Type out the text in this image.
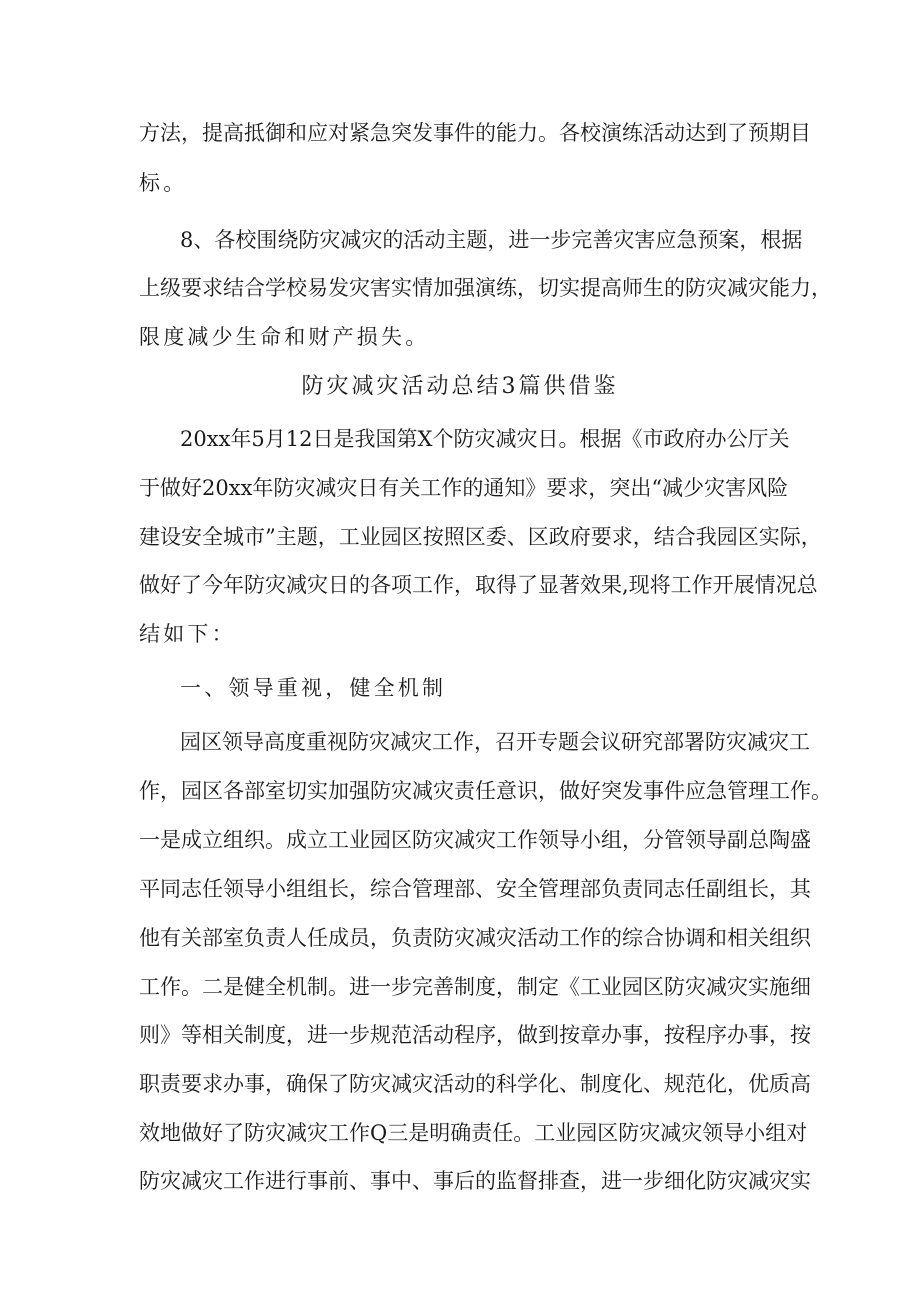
方法，提高抵御和应对紧急突发事件的能力。各校演练活动达到了预期目
标。
8、各校围绕防灾减灾的活动主题，进一步完善灾害应急预案，根据
上级要求结合学校易发灾害实情加强演练，切实提高师生的防灾减灾能力，
限度减少生命和财产损失。
防灾减灾活动总结3篇供借鉴
20xx年5月12日是我国第X个防灾减灾日。根据《市政府办公厅关
于做好20xx年防灾减灾日有关工作的通知》要求，突出“减少灾害风险
建设安全城市”主题，工业园区按照区委、区政府要求，结合我园区实际，
做好了今年防灾减灾日的各项工作，取得了显著效果,现将工作开展情况总
结如下：
一、领导重视，健全机制
园区领导高度重视防灾减灾工作，召开专题会议研究部署防灾减灾工
作，园区各部室切实加强防灾减灾责任意识，做好突发事件应急管理工作。
一是成立组织。成立工业园区防灾减灾工作领导小组，分管领导副总陶盛
平同志任领导小组组长，综合管理部、安全管理部负责同志任副组长，其
他有关部室负责人任成员，负责防灾减灾活动工作的综合协调和相关组织
工作。二是健全机制。进一步完善制度，制定《工业园区防灾减灾实施细
则》等相关制度，进一步规范活动程序，做到按章办事，按程序办事，按
职责要求办事，确保了防灾减灾活动的科学化、制度化、规范化，优质高
效地做好了防灾减灾工作Q三是明确责任。工业园区防灾减灾领导小组对
防灾减灾工作进行事前、事中、事后的监督排查，进一步细化防灾减灾实
